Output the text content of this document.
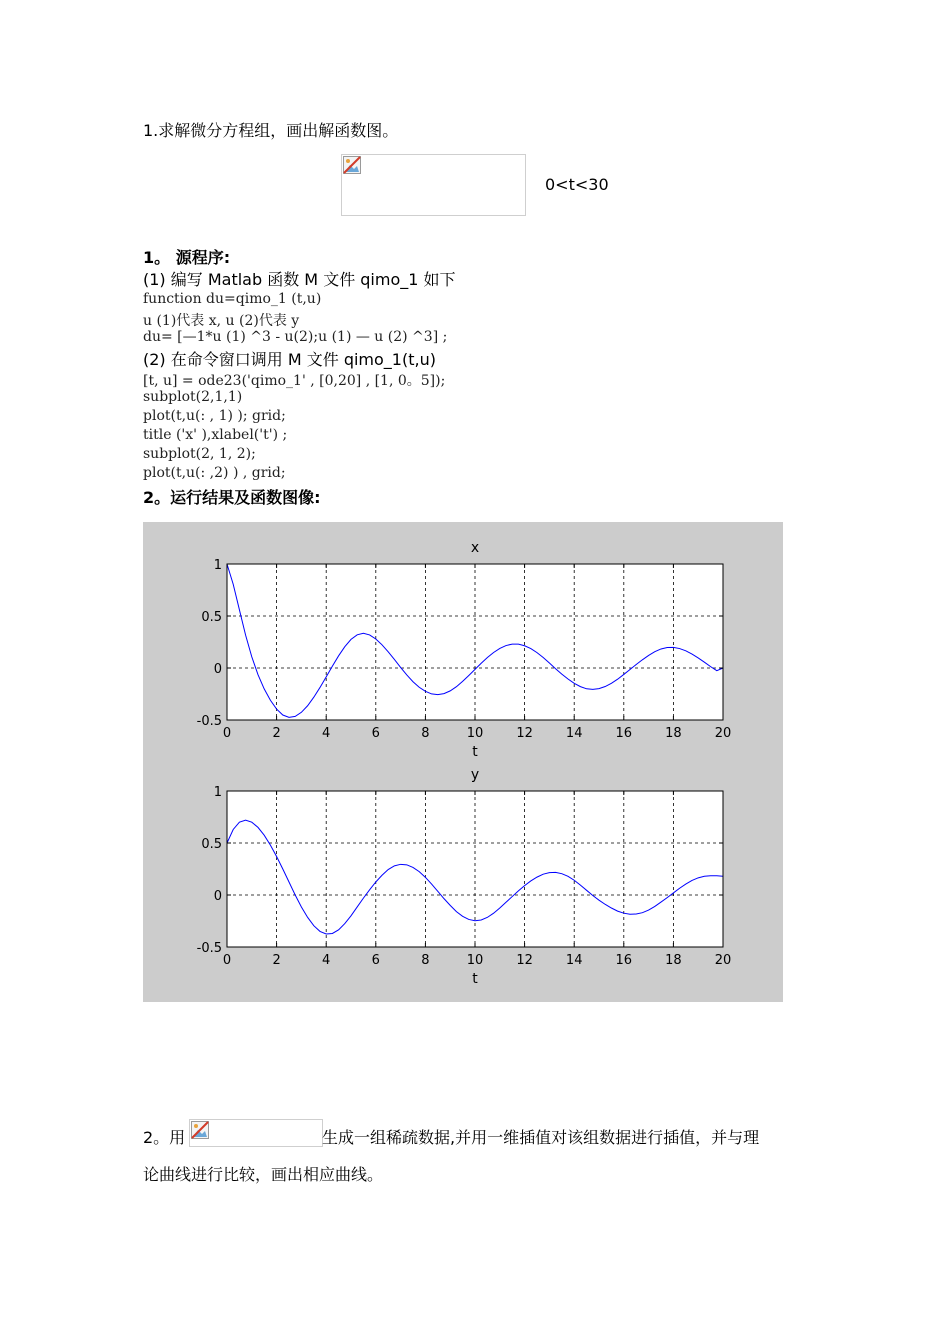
1.求解微分方程组，画出解函数图。
0<t<30
1。 源程序:
(1) 编写 Matlab 函数 M 文件 qimo_1 如下
function du=qimo_1 (t,u)
u (1)代表 x, u (2)代表 y
du= [—1*u (1) ^3 - u(2);u (1) — u (2) ^3] ;
(2) 在命令窗口调用 M 文件 qimo_1(t,u)
[t, u] = ode23('qimo_1' , [0,20] , [1, 0。5]);
subplot(2,1,1)
plot(t,u(: , 1) ); grid;
title ('x' ),xlabel('t') ;
subplot(2, 1, 2);
plot(t,u(: ,2) ) , grid;
2。运行结果及函数图像:
0	2	4	6	8	10	12	14	16	18	20
-0.5
0
0.5
1
x
t
0	2	4	6	8	10	12	14	16	18	20
-0.5
0
0.5
1
y
t
2。用	生成一组稀疏数据,并用一维插值对该组数据进行插值，并与理
论曲线进行比较，画出相应曲线。
